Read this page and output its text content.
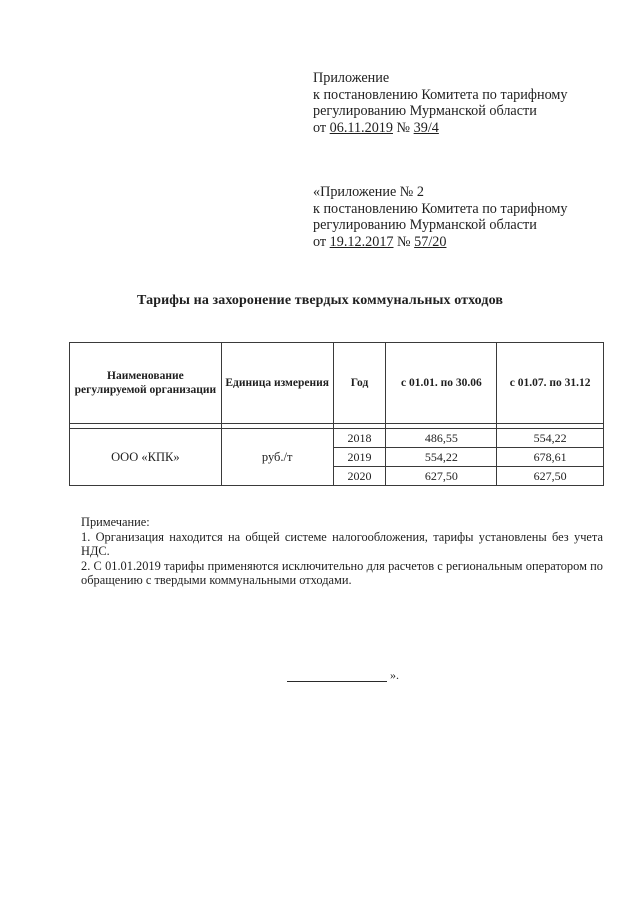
Приложение
к постановлению Комитета по тарифному
регулированию Мурманской области
от 06.11.2019 № 39/4
«Приложение № 2
к постановлению Комитета по тарифному
регулированию Мурманской области
от 19.12.2017 № 57/20
Тарифы на захоронение твердых коммунальных отходов
Наименование регулируемой организации	Единица измерения	Год	с 01.01. по 30.06	с 01.07. по 31.12

ООО «КПК»	руб./т	2018	486,55	554,22
		2019	554,22	678,61
		2020	627,50	627,50

Примечание:

1. Организация находится на общей системе налогообложения, тарифы установлены без учета НДС.

2. С 01.01.2019 тарифы применяются исключительно для расчетов с региональным оператором по обращению с твердыми коммунальными отходами.

».
